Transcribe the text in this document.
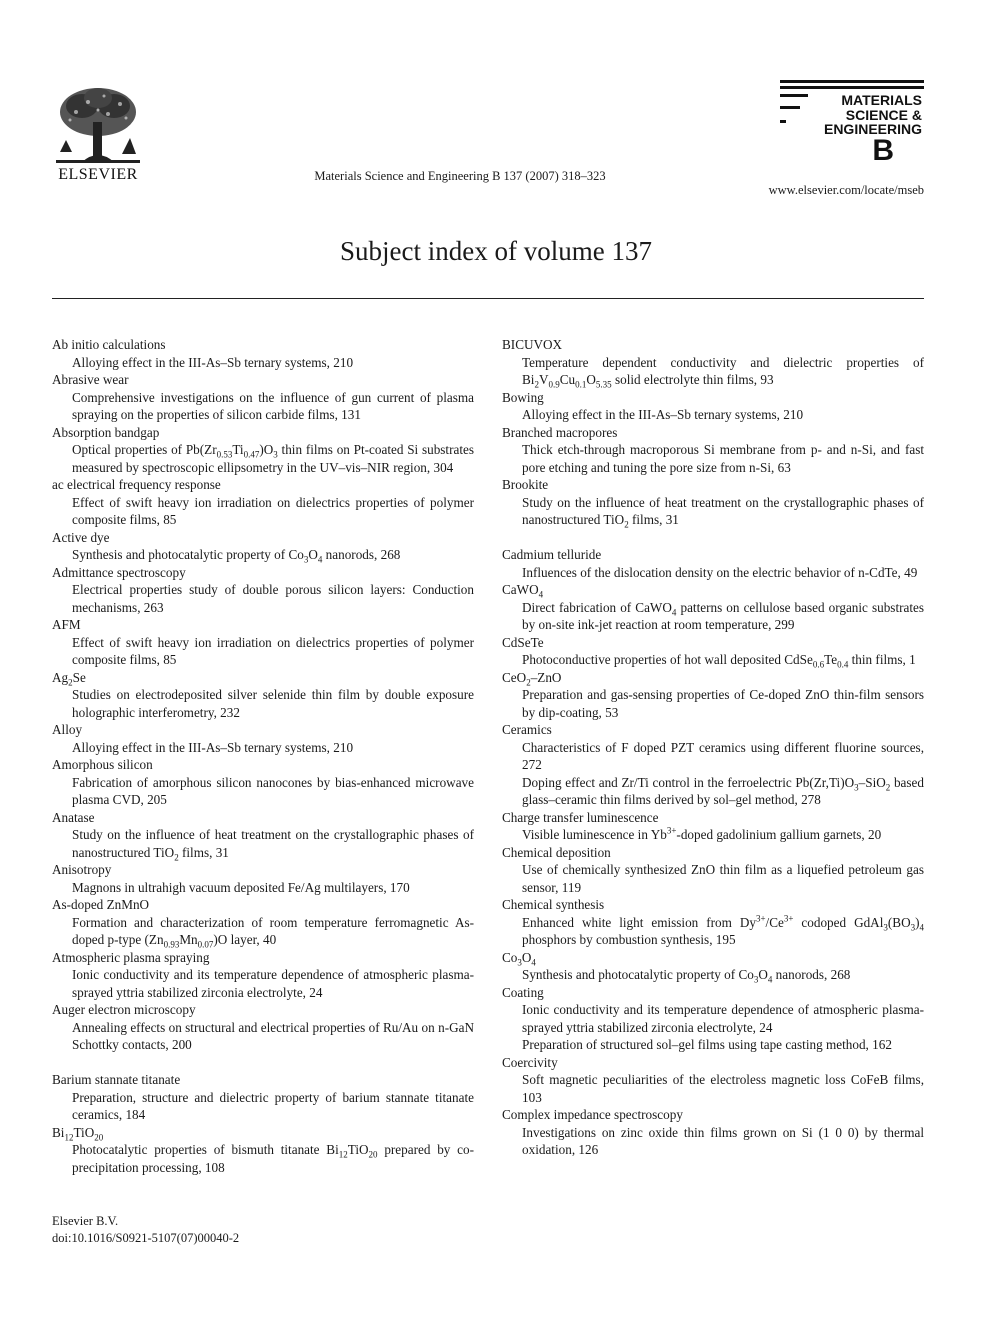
ELSEVIER	Materials Science and Engineering B 137 (2007) 318–323
MATERIALS
SCIENCE &
ENGINEERING
B
www.elsevier.com/locate/mseb
Subject index of volume 137
Ab initio calculations
Alloying effect in the III-As–Sb ternary systems, 210
Abrasive wear
Comprehensive investigations on the influence of gun current of plasma spraying on the properties of silicon carbide films, 131
Absorption bandgap
Optical properties of $Pb(Zr_{0.53}Ti_{0.47})O_3$ thin films on Pt-coated Si substrates measured by spectroscopic ellipsometry in the UV–vis–NIR region, 304
ac electrical frequency response
Effect of swift heavy ion irradiation on dielectrics properties of polymer composite films, 85
Active dye
Synthesis and photocatalytic property of $Co_3O_4$ nanorods, 268
Admittance spectroscopy
Electrical properties study of double porous silicon layers: Conduction mechanisms, 263
AFM
Effect of swift heavy ion irradiation on dielectrics properties of polymer composite films, 85
$Ag_2Se$
Studies on electrodeposited silver selenide thin film by double exposure holographic interferometry, 232
Alloy
Alloying effect in the III-As–Sb ternary systems, 210
Amorphous silicon
Fabrication of amorphous silicon nanocones by bias-enhanced microwave plasma CVD, 205
Anatase
Study on the influence of heat treatment on the crystallographic phases of nanostructured TiO$_2$ films, 31
Anisotropy
Magnons in ultrahigh vacuum deposited Fe/Ag multilayers, 170
As-doped ZnMnO
Formation and characterization of room temperature ferromagnetic As-doped p-type $(Zn_{0.93}Mn_{0.07})O$ layer, 40
Atmospheric plasma spraying
Ionic conductivity and its temperature dependence of atmospheric plasma-sprayed yttria stabilized zirconia electrolyte, 24
Auger electron microscopy
Annealing effects on structural and electrical properties of Ru/Au on n-GaN Schottky contacts, 200
Barium stannate titanate
Preparation, structure and dielectric property of barium stannate titanate ceramics, 184
$Bi_{12}TiO_{20}$
Photocatalytic properties of bismuth titanate $Bi_{12}TiO_{20}$ prepared by co-precipitation processing, 108
BICUVOX
Temperature dependent conductivity and dielectric properties of $Bi_2V_{0.9}Cu_{0.1}O_{5.35}$ solid electrolyte thin films, 93
Bowing
Alloying effect in the III-As–Sb ternary systems, 210
Branched macropores
Thick etch-through macroporous Si membrane from p- and n-Si, and fast pore etching and tuning the pore size from n-Si, 63
Brookite
Study on the influence of heat treatment on the crystallographic phases of nanostructured TiO$_2$ films, 31
Cadmium telluride
Influences of the dislocation density on the electric behavior of n-CdTe, 49
CaWO$_4$
Direct fabrication of CaWO$_4$ patterns on cellulose based organic substrates by on-site ink-jet reaction at room temperature, 299
CdSeTe
Photoconductive properties of hot wall deposited $CdSe_{0.6}Te_{0.4}$ thin films, 1
CeO$_2$–ZnO
Preparation and gas-sensing properties of Ce-doped ZnO thin-film sensors by dip-coating, 53
Ceramics
Characteristics of F doped PZT ceramics using different fluorine sources, 272
Doping effect and Zr/Ti control in the ferroelectric $Pb(Zr,Ti)O_3-SiO_2$ based glass–ceramic thin films derived by sol–gel method, 278
Charge transfer luminescence
Visible luminescence in $Yb^{3+}$-doped gadolinium gallium garnets, 20
Chemical deposition
Use of chemically synthesized ZnO thin film as a liquefied petroleum gas sensor, 119
Chemical synthesis
Enhanced white light emission from $Dy^{3+}/Ce^{3+}$ codoped $GdAl_3(BO_3)_4$ phosphors by combustion synthesis, 195
$Co_3O_4$
Synthesis and photocatalytic property of $Co_3O_4$ nanorods, 268
Coating
Ionic conductivity and its temperature dependence of atmospheric plasma-sprayed yttria stabilized zirconia electrolyte, 24
Preparation of structured sol–gel films using tape casting method, 162
Coercivity
Soft magnetic peculiarities of the electroless magnetic loss CoFeB films, 103
Complex impedance spectroscopy
Investigations on zinc oxide thin films grown on Si (1 0 0) by thermal oxidation, 126
Elsevier B.V.
doi:10.1016/S0921-5107(07)00040-2
